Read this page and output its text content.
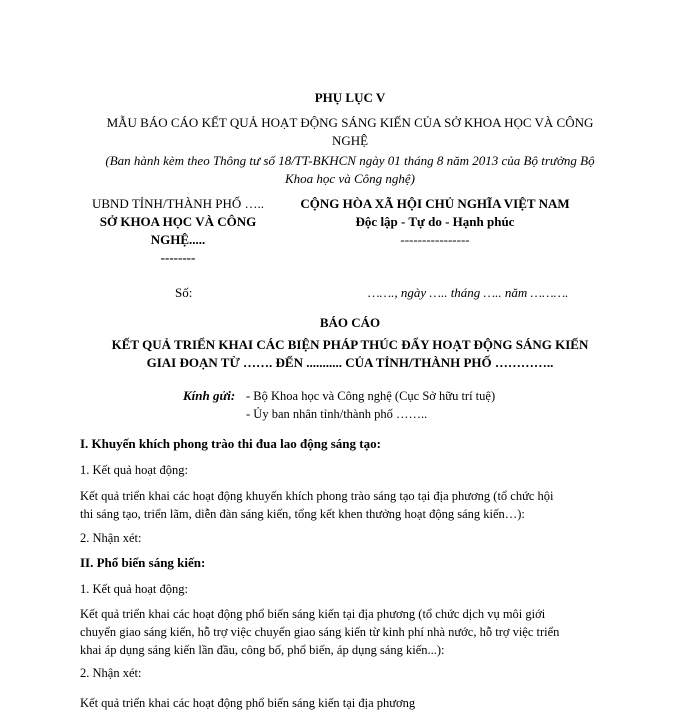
PHỤ LỤC V
MẪU BÁO CÁO KẾT QUẢ HOẠT ĐỘNG SÁNG KIẾN CỦA SỞ KHOA HỌC VÀ CÔNG
NGHỆ
(Ban hành kèm theo Thông tư số 18/TT-BKHCN ngày 01 tháng 8 năm 2013 của Bộ trưởng Bộ
Khoa học và Công nghệ)
UBND TỈNH/THÀNH PHỐ …..
SỞ KHOA HỌC VÀ CÔNG
NGHỆ.....
--------
CỘNG HÒA XÃ HỘI CHỦ NGHĨA VIỆT NAM
Độc lập - Tự do - Hạnh phúc
----------------
Số:	……., ngày ….. tháng ….. năm ……….
BÁO CÁO
KẾT QUẢ TRIỂN KHAI CÁC BIỆN PHÁP THÚC ĐẨY HOẠT ĐỘNG SÁNG KIẾN
GIAI ĐOẠN TỪ ……. ĐẾN ........... CỦA TỈNH/THÀNH PHỐ …………..
Kính gửi: - Bộ Khoa học và Công nghệ (Cục Sở hữu trí tuệ)
- Ủy ban nhân tỉnh/thành phố ……..
I. Khuyến khích phong trào thi đua lao động sáng tạo:
1. Kết quả hoạt động:
Kết quả triển khai các hoạt động khuyến khích phong trào sáng tạo tại địa phương (tổ chức hội
thi sáng tạo, triển lãm, diễn đàn sáng kiến, tổng kết khen thưởng hoạt động sáng kiến…):
2. Nhận xét:
II. Phổ biến sáng kiến:
1. Kết quả hoạt động:
Kết quả triển khai các hoạt động phổ biến sáng kiến tại địa phương (tổ chức dịch vụ môi giới
chuyển giao sáng kiến, hỗ trợ việc chuyển giao sáng kiến từ kinh phí nhà nước, hỗ trợ việc triển
khai áp dụng sáng kiến lần đầu, công bố, phổ biến, áp dụng sáng kiến...):
2. Nhận xét:
Kết quả triển khai các hoạt động phổ biến sáng kiến tại địa phương
